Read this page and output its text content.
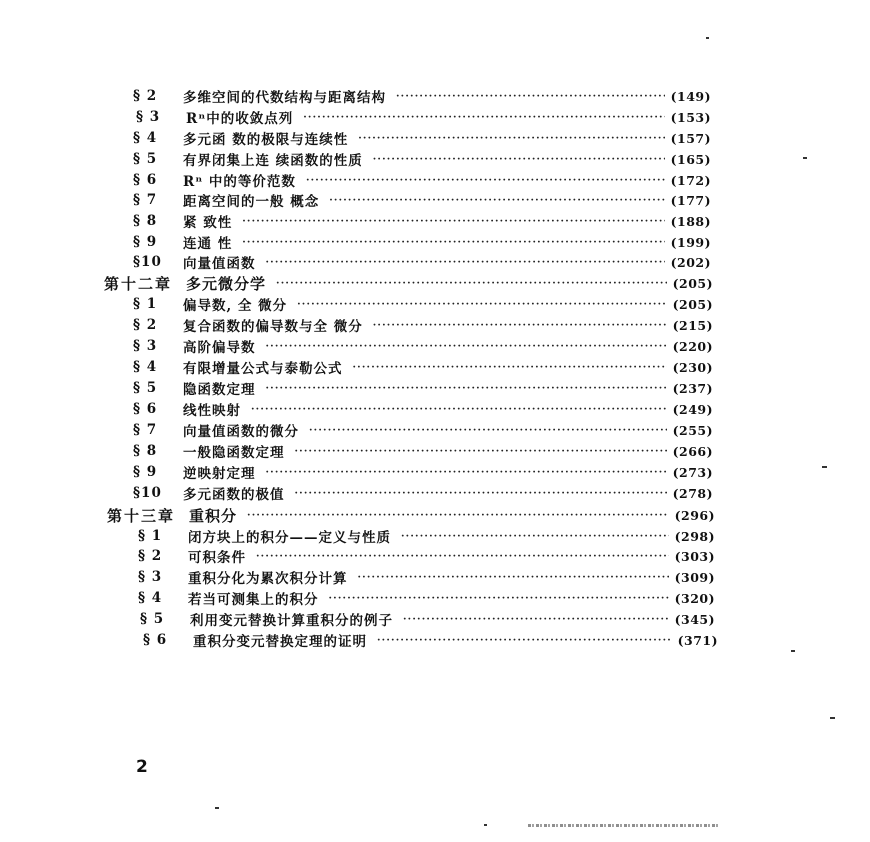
§ 2	多维空间的代数结构与距离结构 ·····	(149)
§ 3	Rⁿ中的收敛点列 ·····	(153)
§ 4	多元函 数的极限与连续性 ·····	(157)
§ 5	有界闭集上连 续函数的性质 ·····	(165)
§ 6	Rⁿ 中的等价范数 ·····	(172)
§ 7	距离空间的一般 概念 ·····	(177)
§ 8	紧 致性 ·····	(188)
§ 9	连通 性 ·····	(199)
§10	向量值函数 ·····	(202)
第十二章 多元微分学 ·····	(205)
§ 1	偏导数, 全 微分 ·····	(205)
§ 2	复合函数的偏导数与全 微分 ·····	(215)
§ 3	高阶偏导数 ·····	(220)
§ 4	有限增量公式与泰勒公式 ·····	(230)
§ 5	隐函数定理 ·····	(237)
§ 6	线性映射 ·····	(249)
§ 7	向量值函数的微分 ·····	(255)
§ 8	一般隐函数定理 ·····	(266)
§ 9	逆映射定理 ·····	(273)
§10	多元函数的极值 ·····	(278)
第十三章 重积分 ·····	(296)
§ 1	闭方块上的积分——定义与性质 ·····	(298)
§ 2	可积条件 ·····	(303)
§ 3	重积分化为累次积分计算 ·····	(309)
§ 4	若当可测集上的积分 ·····	(320)
§ 5	利用变元替换计算重积分的例子 ·····	(345)
§ 6	重积分变元替换定理的证明 ·····	(371)
2
